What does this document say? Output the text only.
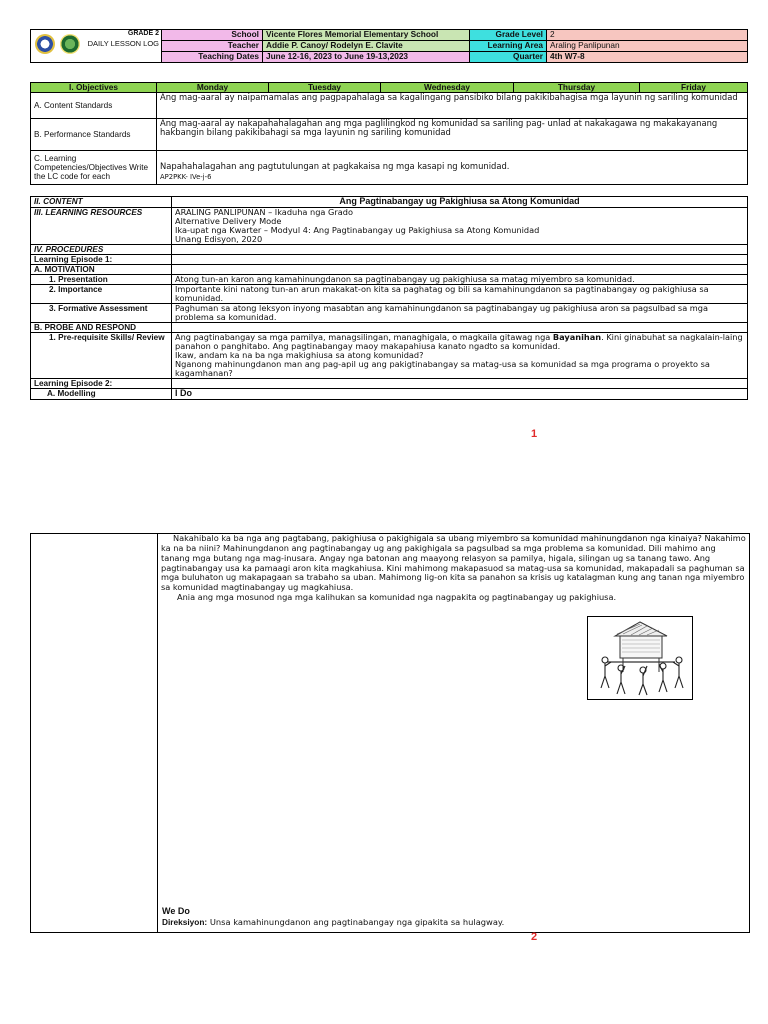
GRADE 2
DAILY LESSON LOG	School	Vicente Flores Memorial Elementary School	Grade Level	2
	Teacher	Addie P. Canoy/ Rodelyn E. Clavite	Learning Area	Araling Panlipunan
	Teaching Dates	June 12-16, 2023 to June 19-13,2023	Quarter	4th W7-8
I. Objectives	Monday	Tuesday	Wednesday	Thursday	Friday
A. Content Standards	Ang mag-aaral ay naipamamalas ang pagpapahalaga sa kagalingang pansibiko bilang pakikibahagisa mga layunin ng sariling komunidad				
B. Performance Standards	Ang mag-aaral ay nakapahahalagahan ang mga paglilingkod ng komunidad sa sariling pag- unlad at nakakagawa ng makakayanang hakbangin bilang pakikibahagi sa mga layunin ng sariling komunidad				
C. Learning Competencies/Objectives Write the LC code for each	Napahahalagahan ang pagtutulungan at pagkakaisa ng mga kasapi ng komunidad.
AP2PKK- IVe-j-6				
II. CONTENT	Ang Pagtinabangay ug Pakighiusa sa Atong Komunidad
III. LEARNING RESOURCES	ARALING PANLIPUNAN – Ikaduha nga Grado
Alternative Delivery Mode
Ika-upat nga Kwarter – Modyul 4: Ang Pagtinabangay ug Pakighiusa sa Atong Komunidad
Unang Edisyon, 2020

IV. PROCEDURES	
Learning Episode 1:	
A. MOTIVATION	
1. Presentation	Atong tun-an karon ang kamahinungdanon sa pagtinabangay ug pakighiusa sa matag miyembro sa komunidad.
2. Importance	Importante kini natong tun-an arun makakat-on kita sa paghatag og bili sa kamahinungdanon sa pagtinabangay og pakighiusa sa komunidad.
3. Formative Assessment	Paghuman sa atong leksyon inyong masabtan ang kamahinungdanon sa pagtinabangay ug pakighiusa aron sa pagsulbad sa mga problema sa komunidad.
B. PROBE AND RESPOND	
1. Pre-requisite Skills/ Review	Ang pagtinabangay sa mga pamilya, managsilingan, managhigala, o magkaila gitawag nga Bayanihan. Kini ginabuhat sa nagkalain-laing panahon o panghitabo. Ang pagtinabangay maoy makapahiusa kanato ngadto sa komunidad.
Ikaw, andam ka na ba nga makighiusa sa atong komunidad?
Nganong mahinungdanon man ang pag-apil ug ang pakigtinabangay sa matag-usa sa komunidad sa mga programa o proyekto sa kagamhanan?

Learning Episode 2:	
A. Modelling	I Do
1
Nakahibalo ka ba nga ang pagtabang, pakighiusa o pakighigala sa ubang miyembro sa komunidad mahinungdanon nga kinaiya? Nakahimo ka na ba niini? Mahinungdanon ang pagtinabangay ug ang pakighigala sa pagsulbad sa mga problema sa komunidad. Dili mahimo ang tanang mga butang nga mag-inusara. Angay nga batonan ang maayong relasyon sa pamilya, higala, silingan ug sa tanang tawo. Ang pagtinabangay usa ka pamaagi aron kita magkahiusa. Kini mahimong makapasuod sa matag-usa sa komunidad, makapadali sa paghuman sa mga buluhaton ug makapagaan sa trabaho sa uban. Mahimong lig-on kita sa panahon sa krisis ug katalagman kung ang tanan nga miyembro sa komunidad magtinabangay ug magkahiusa.
Ania ang mga mosunod nga mga kalihukan sa komunidad nga nagpakita og pagtinabangay ug pakighiusa.
We Do
Direksiyon: Unsa kamahinungdanon ang pagtinabangay nga gipakita sa hulagway.
2
